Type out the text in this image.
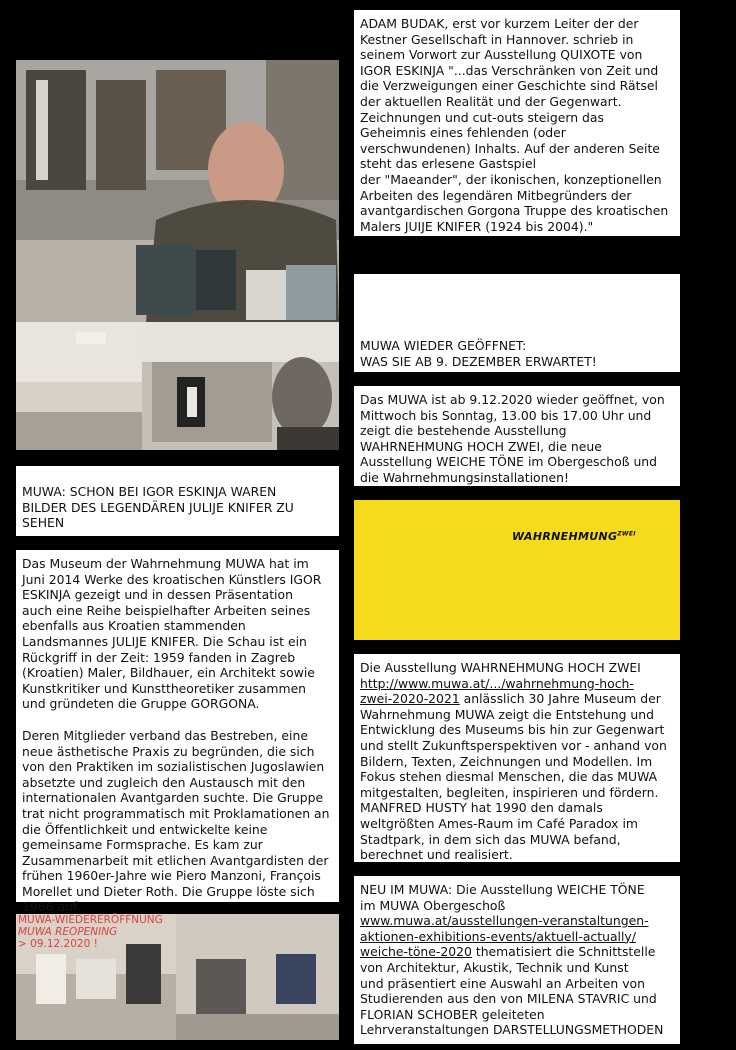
ADAM BUDAK, erst vor kurzem Leiter der der

Kestner Gesellschaft in Hannover. schrieb in

seinem Vorwort zur Ausstellung QUIXOTE von

IGOR ESKINJA "...das Verschränken von Zeit und

die Verzweigungen einer Geschichte sind Rätsel

der aktuellen Realität und der Gegenwart.

Zeichnungen und cut-outs steigern das

Geheimnis eines fehlenden (oder

verschwundenen) Inhalts. Auf der anderen Seite

steht das erlesene Gastspiel

der "Maeander", der ikonischen, konzeptionellen

Arbeiten des legendären Mitbegründers der

avantgardischen Gorgona Truppe des kroatischen

Malers JUIJE KNIFER (1924 bis 2004)."

MUWA WIEDER GEÖFFNET:

WAS SIE AB 9. DEZEMBER ERWARTET!

Das MUWA ist ab 9.12.2020 wieder geöffnet, von

Mittwoch bis Sonntag, 13.00 bis 17.00 Uhr und

zeigt die bestehende Ausstellung

WAHRNEHMUNG HOCH ZWEI, die neue

Ausstellung WEICHE TÖNE im Obergeschoß und

die Wahrnehmungsinstallationen!

$WAHRNEHMUNG^{ZWEI}$

MUWA: SCHON BEI IGOR ESKINJA WAREN

BILDER DES LEGENDÄREN JULIJE KNIFER ZU

SEHEN

Das Museum der Wahrnehmung MUWA hat im

Juni 2014 Werke des kroatischen Künstlers IGOR

ESKINJA gezeigt und in dessen Präsentation

auch eine Reihe beispielhafter Arbeiten seines

ebenfalls aus Kroatien stammenden

Landsmannes JULIJE KNIFER. Die Schau ist ein

Rückgriff in der Zeit: 1959 fanden in Zagreb

(Kroatien) Maler, Bildhauer, ein Architekt sowie

Kunstkritiker und Kunsttheoretiker zusammen

und gründeten die Gruppe GORGONA.

Deren Mitglieder verband das Bestreben, eine

neue ästhetische Praxis zu begründen, die sich

von den Praktiken im sozialistischen Jugoslawien

absetzte und zugleich den Austausch mit den

internationalen Avantgarden suchte. Die Gruppe

trat nicht programmatisch mit Proklamationen an

die Öffentlichkeit und entwickelte keine

gemeinsame Formsprache. Es kam zur

Zusammenarbeit mit etlichen Avantgardisten der

frühen 1960er-Jahre wie Piero Manzoni, François

Morellet und Dieter Roth. Die Gruppe löste sich

1966 auf.

Die Ausstellung WAHRNEHMUNG HOCH ZWEI

http://www.muwa.at/.../wahrnehmung-hoch-

zwei-2020-2021 anlässlich 30 Jahre Museum der

Wahrnehmung MUWA zeigt die Entstehung und

Entwicklung des Museums bis hin zur Gegenwart

und stellt Zukunftsperspektiven vor - anhand von

Bildern, Texten, Zeichnungen und Modellen. Im

Fokus stehen diesmal Menschen, die das MUWA

mitgestalten, begleiten, inspirieren und fördern.

MANFRED HUSTY hat 1990 den damals

weltgrößten Ames-Raum im Café Paradox im

Stadtpark, in dem sich das MUWA befand,

berechnet und realisiert.

NEU IM MUWA: Die Ausstellung WEICHE TÖNE

im MUWA Obergeschoß

www.muwa.at/ausstellungen-veranstaltungen-

aktionen-exhibitions-events/aktuell-actually/

weiche-töne-2020 thematisiert die Schnittstelle

von Architektur, Akustik, Technik und Kunst

und präsentiert eine Auswahl an Arbeiten von

Studierenden aus den von MILENA STAVRIC und

FLORIAN SCHOBER geleiteten

Lehrveranstaltungen DARSTELLUNGSMETHODEN

MUWA-WIEDERERÖFFNUNG
MUWA REOPENING
> 09.12.2020 !
